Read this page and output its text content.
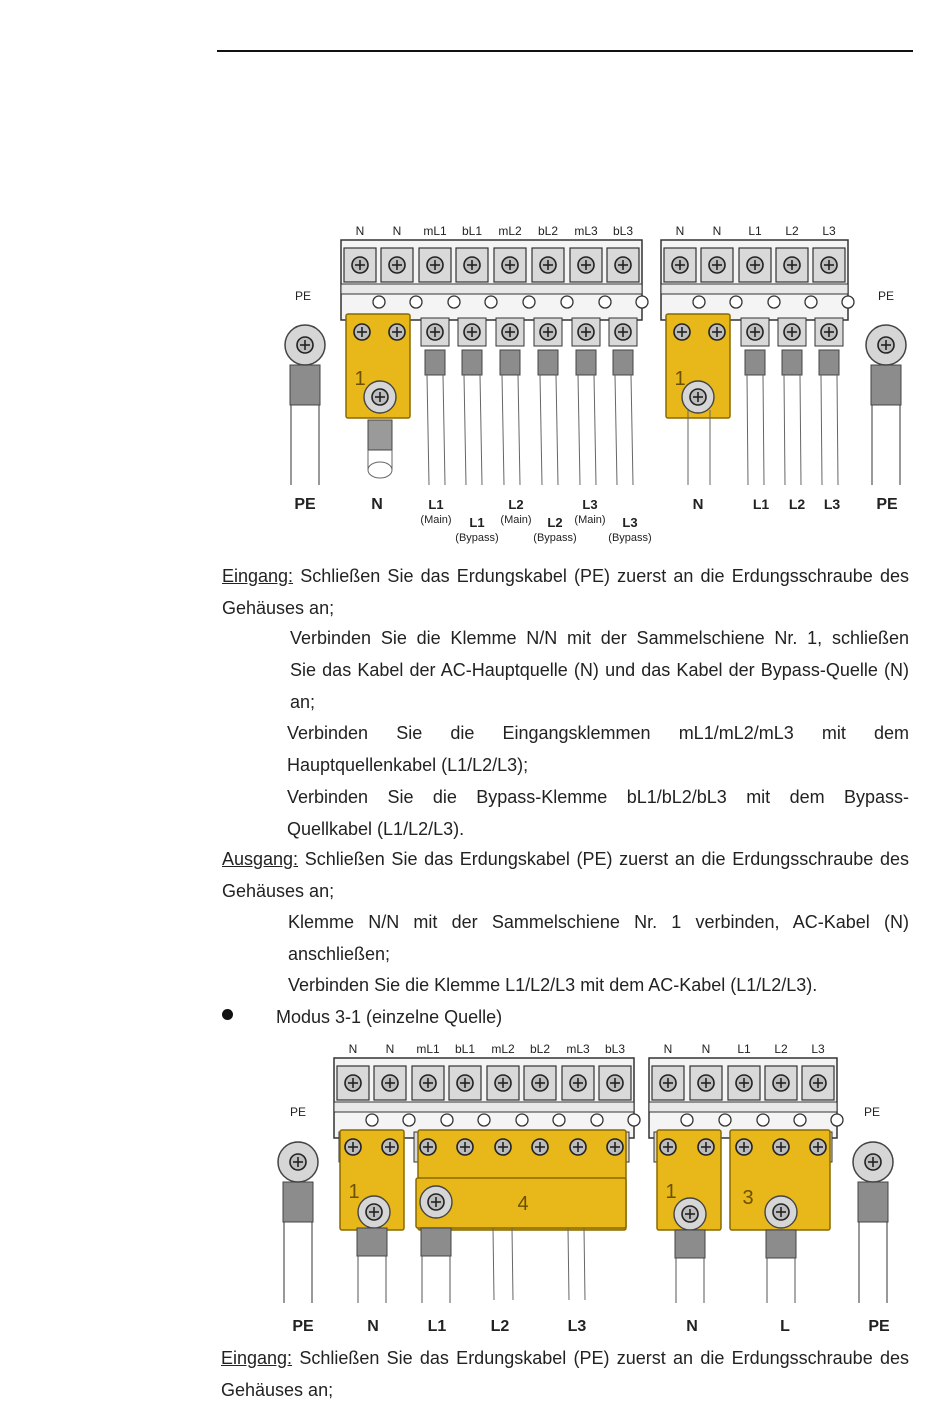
N N mL1 bL1 mL2 bL2 mL3 bL3	N N L1 L2 L3
1	1
PE	PE
PE	N	L1
(Main) L1
(Bypass)
L2
(Main) L2
(Bypass)
L3
(Main) L3
(Bypass)
N	L1 L2 L3 PE
N N mL1 bL1 mL2 bL2 mL3 bL3	N N L1 L2 L3
1
4
1	3
PE	PE
PE	N	L1	L2	L3	N	L	PE
Eingang: Schließen Sie das Erdungskabel (PE) zuerst an die Erdungsschraube des
Gehäuses an;
Verbinden Sie die Klemme N/N mit der Sammelschiene Nr. 1, schließen
Sie das Kabel der AC-Hauptquelle (N) und das Kabel der Bypass-Quelle (N)
an;
Verbinden Sie die Eingangsklemmen mL1/mL2/mL3 mit dem
Hauptquellenkabel (L1/L2/L3);
Verbinden Sie die Bypass-Klemme bL1/bL2/bL3 mit dem Bypass-
Quellkabel (L1/L2/L3).
Ausgang: Schließen Sie das Erdungskabel (PE) zuerst an die Erdungsschraube des
Gehäuses an;
Klemme N/N mit der Sammelschiene Nr. 1 verbinden, AC-Kabel (N)
anschließen;
Verbinden Sie die Klemme L1/L2/L3 mit dem AC-Kabel (L1/L2/L3).
Modus 3-1 (einzelne Quelle)
Eingang: Schließen Sie das Erdungskabel (PE) zuerst an die Erdungsschraube des
Gehäuses an;
